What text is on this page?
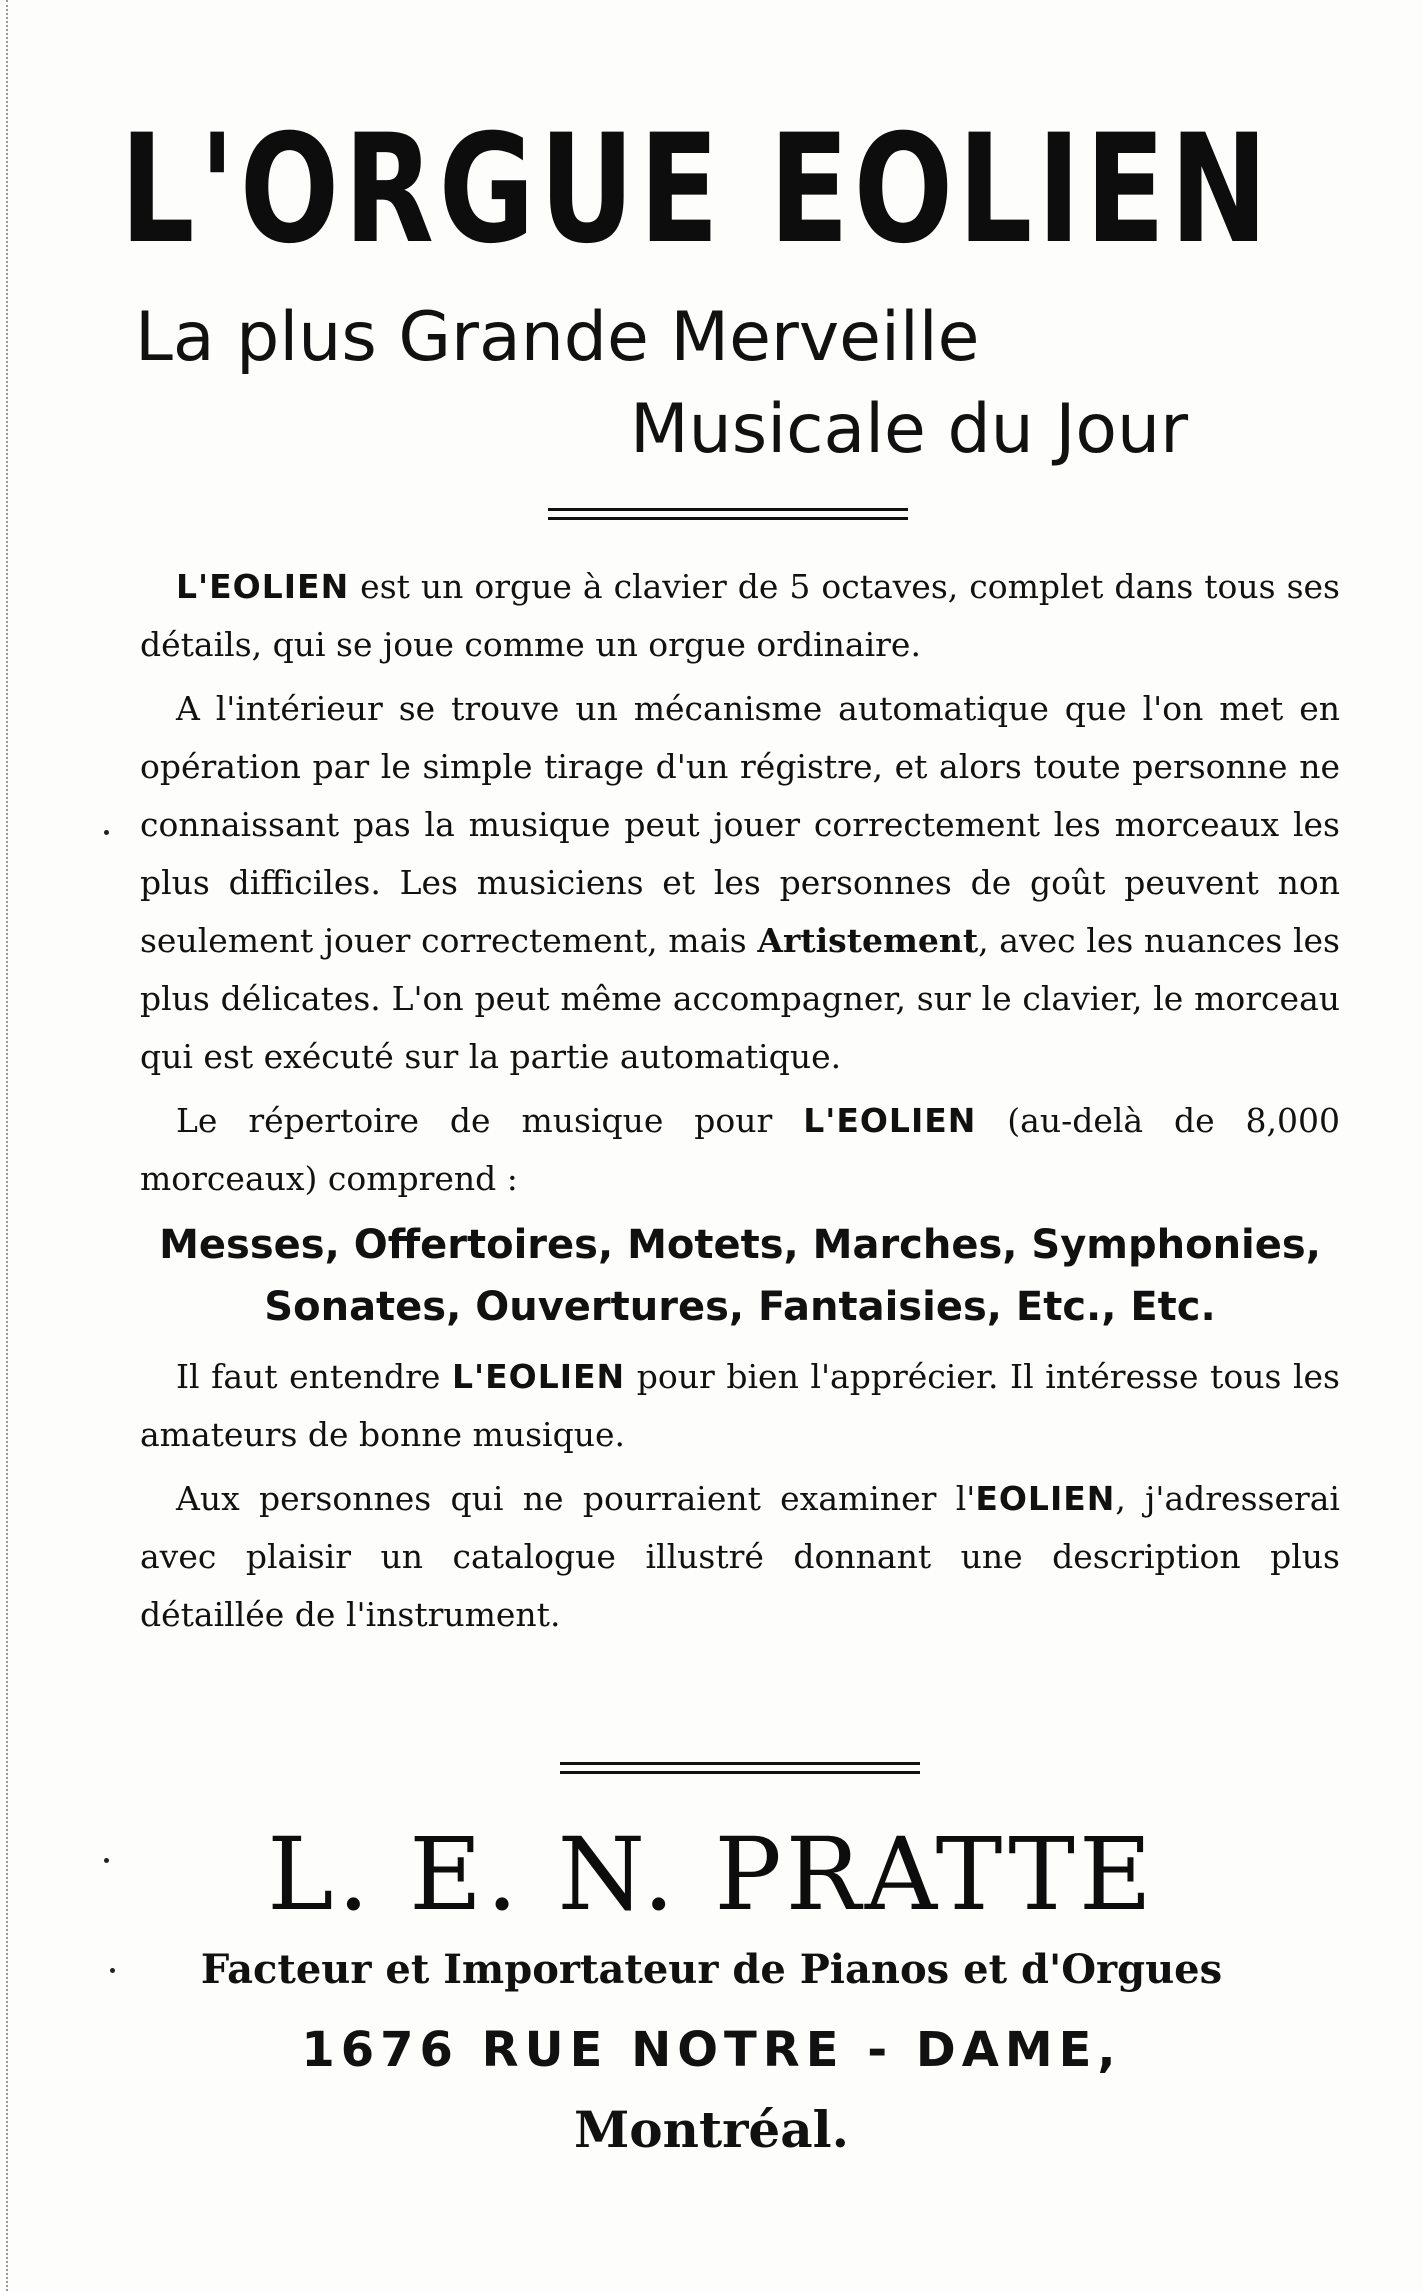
L'ORGUE EOLIEN
La plus Grande Merveille
Musicale du Jour

L'EOLIEN est un orgue à clavier de 5 octaves, complet dans tous ses détails, qui se joue comme un orgue ordinaire.

A l'intérieur se trouve un mécanisme automatique que l'on met en opération par le simple tirage d'un régistre, et alors toute personne ne connaissant pas la musique peut jouer correctement les morceaux les plus difficiles. Les musiciens et les personnes de goût peuvent non seulement jouer correctement, mais Artistement, avec les nuances les plus délicates. L'on peut même accompagner, sur le clavier, le morceau qui est exécuté sur la partie automatique.

Le répertoire de musique pour L'EOLIEN (au-delà de 8,000 morceaux) comprend :

Messes, Offertoires, Motets, Marches, Symphonies,
Sonates, Ouvertures, Fantaisies, Etc., Etc.

Il faut entendre L'EOLIEN pour bien l'apprécier. Il intéresse tous les amateurs de bonne musique.

Aux personnes qui ne pourraient examiner l'EOLIEN, j'adresserai avec plaisir un catalogue illustré donnant une description plus détaillée de l'instrument.

L. E. N. PRATTE
Facteur et Importateur de Pianos et d'Orgues
1676 RUE NOTRE - DAME,
Montréal.
